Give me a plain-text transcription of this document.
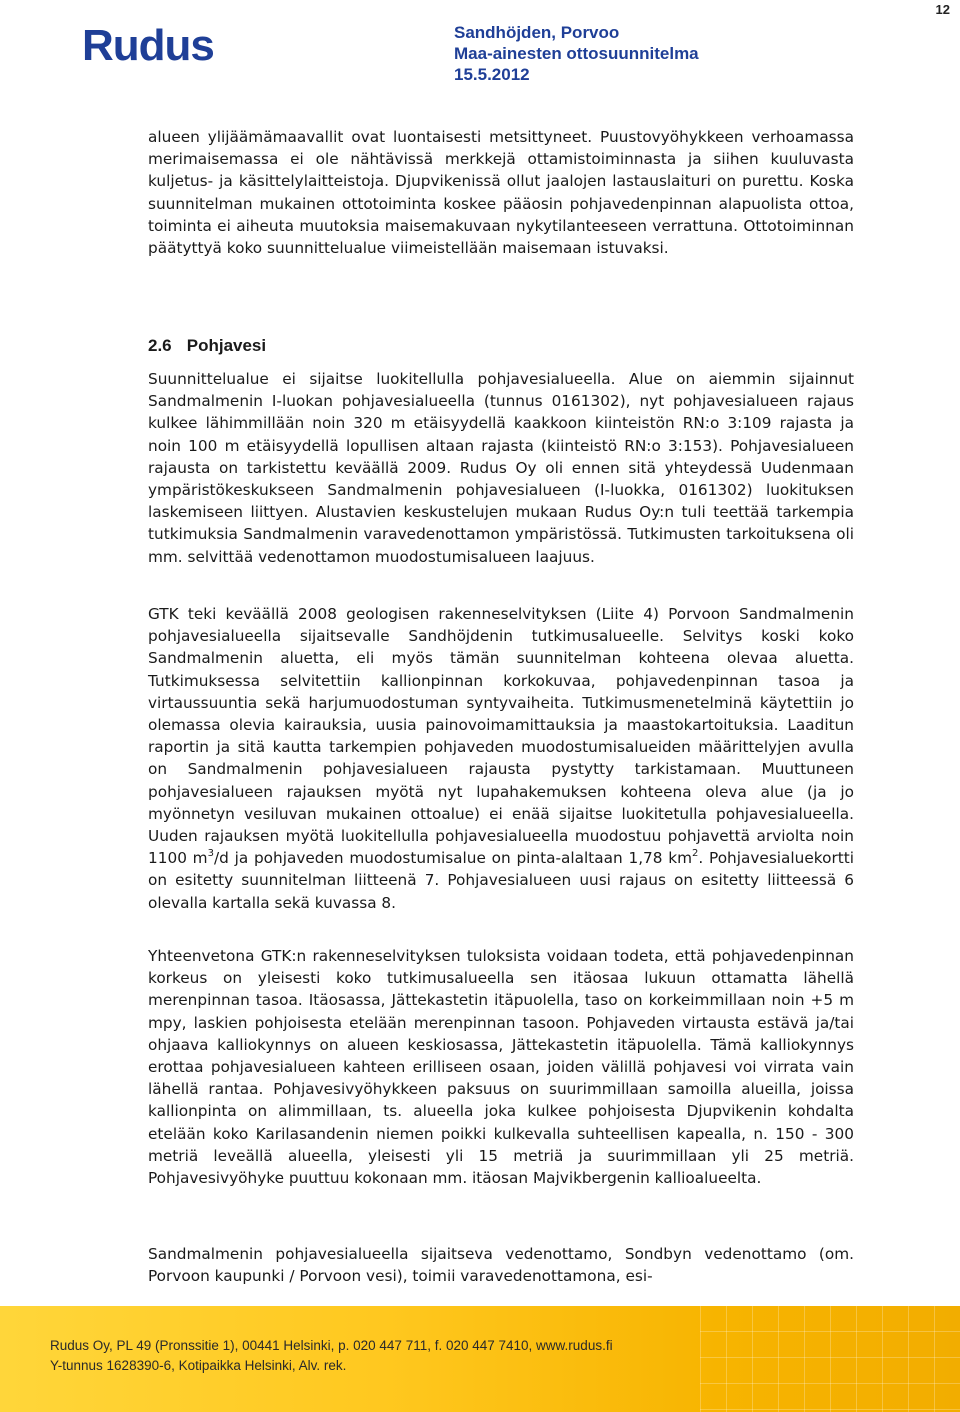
12
Rudus	Sandhöjden, Porvoo
Maa-ainesten ottosuunnitelma
15.5.2012

alueen ylijäämämaavallit ovat luontaisesti metsittyneet. Puustovyöhykkeen verhoamassa merimaisemassa ei ole nähtävissä merkkejä ottamistoiminnasta ja siihen kuuluvasta kuljetus- ja käsittelylaitteistoja. Djupvikenissä ollut jaalojen lastauslaituri on purettu. Koska suunnitelman mukainen ottotoiminta koskee pääosin pohjavedenpinnan alapuolista ottoa, toiminta ei aiheuta muutoksia maisemakuvaan nykytilanteeseen verrattuna. Ottotoiminnan päätyttyä koko suunnittelualue viimeistellään maisemaan istuvaksi.

2.6 Pohjavesi

Suunnittelualue ei sijaitse luokitellulla pohjavesialueella. Alue on aiemmin sijainnut Sandmalmenin I-luokan pohjavesialueella (tunnus 0161302), nyt pohjavesialueen rajaus kulkee lähimmillään noin 320 m etäisyydellä kaakkoon kiinteistön RN:o 3:109 rajasta ja noin 100 m etäisyydellä lopullisen altaan rajasta (kiinteistö RN:o 3:153). Pohjavesialueen rajausta on tarkistettu keväällä 2009. Rudus Oy oli ennen sitä yhteydessä Uudenmaan ympäristökeskukseen Sandmalmenin pohjavesialueen (I-luokka, 0161302) luokituksen laskemiseen liittyen. Alustavien keskustelujen mukaan Rudus Oy:n tuli teettää tarkempia tutkimuksia Sandmalmenin varavedenottamon ympäristössä. Tutkimusten tarkoituksena oli mm. selvittää vedenottamon muodostumisalueen laajuus.

GTK teki keväällä 2008 geologisen rakenneselvityksen (Liite 4) Porvoon Sandmalmenin pohjavesialueella sijaitsevalle Sandhöjdenin tutkimusalueelle. Selvitys koski koko Sandmalmenin aluetta, eli myös tämän suunnitelman kohteena olevaa aluetta. Tutkimuksessa selvitettiin kallionpinnan korkokuvaa, pohjavedenpinnan tasoa ja virtaussuuntia sekä harjumuodostuman syntyvaiheita. Tutkimusmenetelminä käytettiin jo olemassa olevia kairauksia, uusia painovoimamittauksia ja maastokartoituksia. Laaditun raportin ja sitä kautta tarkempien pohjaveden muodostumisalueiden määrittelyjen avulla on Sandmalmenin pohjavesialueen rajausta pystytty tarkistamaan. Muuttuneen pohjavesialueen rajauksen myötä nyt lupahakemuksen kohteena oleva alue (ja jo myönnetyn vesiluvan mukainen ottoalue) ei enää sijaitse luokitetulla pohjavesialueella. Uuden rajauksen myötä luokitellulla pohjavesialueella muodostuu pohjavettä arviolta noin 1100 $m^3/d$ ja pohjaveden muodostumisalue on pinta-alaltaan 1,78 $km^2$. Pohjavesialuekortti on esitetty suunnitelman liitteenä 7. Pohjavesialueen uusi rajaus on esitetty liitteessä 6 olevalla kartalla sekä kuvassa 8.

Yhteenvetona GTK:n rakenneselvityksen tuloksista voidaan todeta, että pohjavedenpinnan korkeus on yleisesti koko tutkimusalueella sen itäosaa lukuun ottamatta lähellä merenpinnan tasoa. Itäosassa, Jättekastetin itäpuolella, taso on korkeimmillaan noin +5 m mpy, laskien pohjoisesta etelään merenpinnan tasoon. Pohjaveden virtausta estävä ja/tai ohjaava kalliokynnys on alueen keskiosassa, Jättekastetin itäpuolella. Tämä kalliokynnys erottaa pohjavesialueen kahteen erilliseen osaan, joiden välillä pohjavesi voi virrata vain lähellä rantaa. Pohjavesivyöhykkeen paksuus on suurimmillaan samoilla alueilla, joissa kallionpinta on alimmillaan, ts. alueella joka kulkee pohjoisesta Djupvikenin kohdalta etelään koko Karilasandenin niemen poikki kulkevalla suhteellisen kapealla, n. 150 - 300 metriä leveällä alueella, yleisesti yli 15 metriä ja suurimmillaan yli 25 metriä. Pohjavesivyöhyke puuttuu kokonaan mm. itäosan Majvikbergenin kallioalueelta.

Sandmalmenin pohjavesialueella sijaitseva vedenottamo, Sondbyn vedenottamo (om. Porvoon kaupunki / Porvoon vesi), toimii varavedenottamona, esi-

Rudus Oy, PL 49 (Pronssitie 1), 00441 Helsinki, p. 020 447 711, f. 020 447 7410, www.rudus.fi
Y-tunnus 1628390-6, Kotipaikka Helsinki, Alv. rek.
